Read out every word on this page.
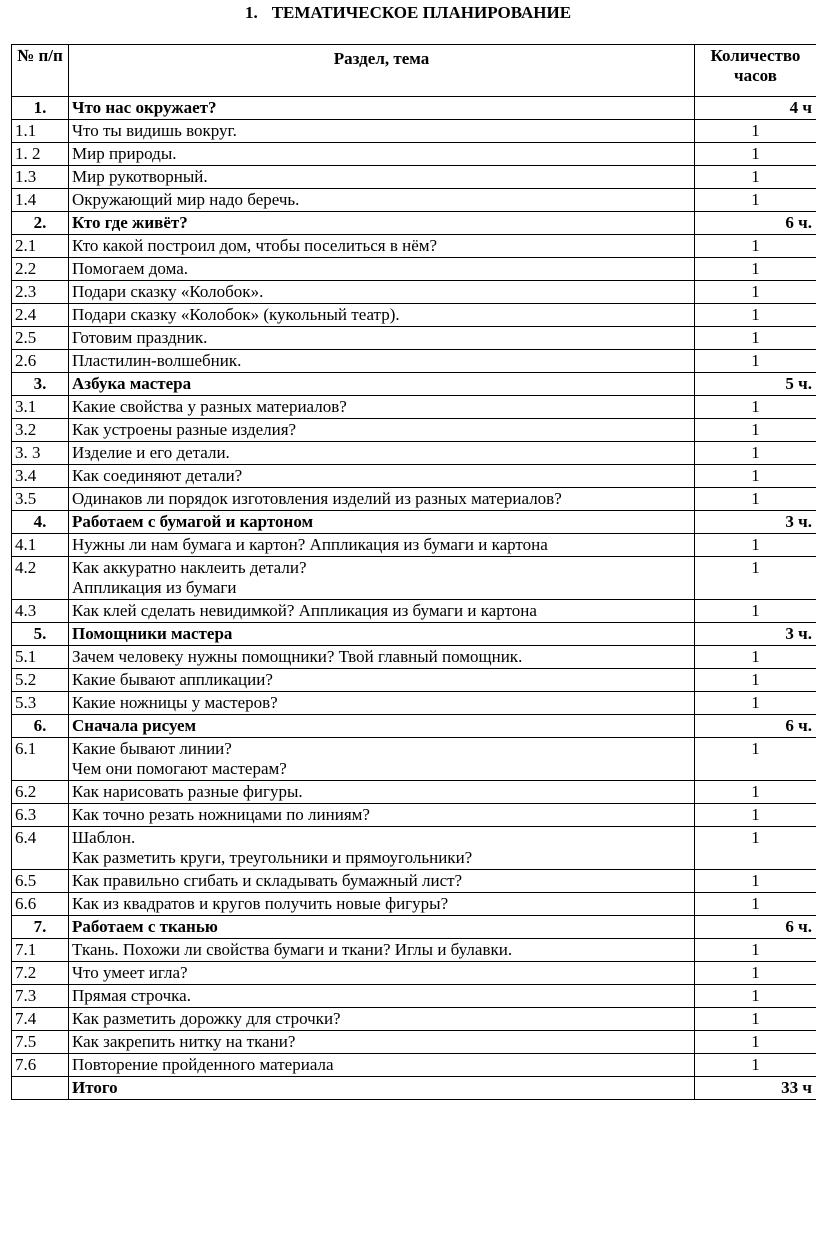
1. ТЕМАТИЧЕСКОЕ ПЛАНИРОВАНИЕ
№ п/п	Раздел, тема	Количество часов
1.	Что нас окружает?	4 ч
1.1	Что ты видишь вокруг.	1
1. 2	Мир природы.	1
1.3	Мир рукотворный.	1
1.4	Окружающий мир надо беречь.	1
2.	Кто где живёт?	6 ч.
2.1	Кто какой построил дом, чтобы поселиться в нём?	1
2.2	Помогаем дома.	1
2.3	Подари сказку «Колобок».	1
2.4	Подари сказку «Колобок» (кукольный театр).	1
2.5	Готовим праздник.	1
2.6	Пластилин-волшебник.	1
3.	Азбука мастера	5 ч.
3.1	Какие свойства у разных материалов?	1
3.2	Как устроены разные изделия?	1
3. 3	Изделие и его детали.	1
3.4	Как соединяют детали?	1
3.5	Одинаков ли порядок изготовления изделий из разных материалов?	1
4.	Работаем с бумагой и картоном	3 ч.
4.1	Нужны ли нам бумага и картон? Аппликация из бумаги и картона	1
4.2	Как аккуратно наклеить детали?
Аппликация из бумаги	1
4.3	Как клей сделать невидимкой? Аппликация из бумаги и картона	1
5.	Помощники мастера	3 ч.
5.1	Зачем человеку нужны помощники? Твой главный помощник.	1
5.2	Какие бывают аппликации?	1
5.3	Какие ножницы у мастеров?	1
6.	Сначала рисуем	6 ч.
6.1	Какие бывают линии?
Чем они помогают мастерам?	1
6.2	Как нарисовать разные фигуры.	1
6.3	Как точно резать ножницами по линиям?	1
6.4	Шаблон.
Как разметить круги, треугольники и прямоугольники?	1
6.5	Как правильно сгибать и складывать бумажный лист?	1
6.6	Как из квадратов и кругов получить новые фигуры?	1
7.	Работаем с тканью	6 ч.
7.1	Ткань. Похожи ли свойства бумаги и ткани? Иглы и булавки.	1
7.2	Что умеет игла?	1
7.3	Прямая строчка.	1
7.4	Как разметить дорожку для строчки?	1
7.5	Как закрепить нитку на ткани?	1
7.6	Повторение пройденного материала	1
	Итого	33 ч
